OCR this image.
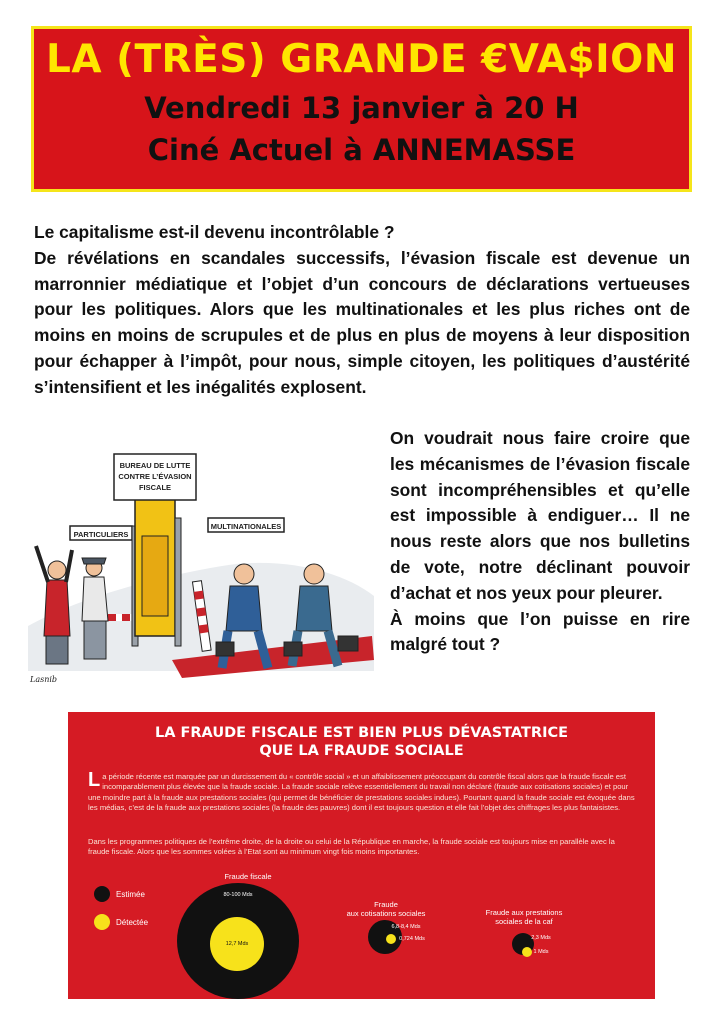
LA (TRÈS) GRANDE €VA$ION
Vendredi 13 janvier à 20 H
Ciné Actuel à ANNEMASSE

Le capitalisme est-il devenu incontrôlable ?

De révélations en scandales successifs, l’évasion fiscale est devenue un marronnier médiatique et l’objet d’un concours de déclarations vertueuses pour les politiques. Alors que les multinationales et les plus riches ont de moins en moins de scrupules et de plus en plus de moyens à leur disposition pour échapper à l’impôt, pour nous, simple citoyen, les politiques d’austérité s’intensifient et les inégalités explosent.

PARTICULIERS
BUREAU DE LUTTE
CONTRE L’ÉVASION
FISCALE
MULTINATIONALES
Lasnib

On voudrait nous faire croire que les mécanismes de l’évasion fiscale sont incompréhensibles et qu’elle est impossible à endiguer… Il ne nous reste alors que nos bulletins de vote, notre déclinant pouvoir d’achat et nos yeux pour pleurer.

À moins que l’on puisse en rire malgré tout ?

LA FRAUDE FISCALE EST BIEN PLUS DÉVASTATRICE
QUE LA FRAUDE SOCIALE
La période récente est marquée par un durcissement du « contrôle social » et un affaiblissement préoccupant du contrôle fiscal alors que la fraude fiscale est incomparablement plus élevée que la fraude sociale. La fraude sociale relève essentiellement du travail non déclaré (fraude aux cotisations sociales) et pour une moindre part à la fraude aux prestations sociales (qui permet de bénéficier de prestations sociales indues). Pourtant quand la fraude sociale est évoquée dans les médias, c’est de la fraude aux prestations sociales (la fraude des pauvres) dont il est toujours question et elle fait l’objet des chiffrages les plus fantaisistes.
Dans les programmes politiques de l’extrême droite, de la droite ou celui de la République en marche, la fraude sociale est toujours mise en parallèle avec la fraude fiscale. Alors que les sommes volées à l’Etat sont au minimum vingt fois moins importantes.
Estimée
Détectée
Fraude fiscale
80-100 Mds
12,7 Mds
Fraude
aux cotisations sociales
6,8-8,4 Mds
0,724 Mds
Fraude aux prestations
sociales de la caf
2,3 Mds
1 Mds
